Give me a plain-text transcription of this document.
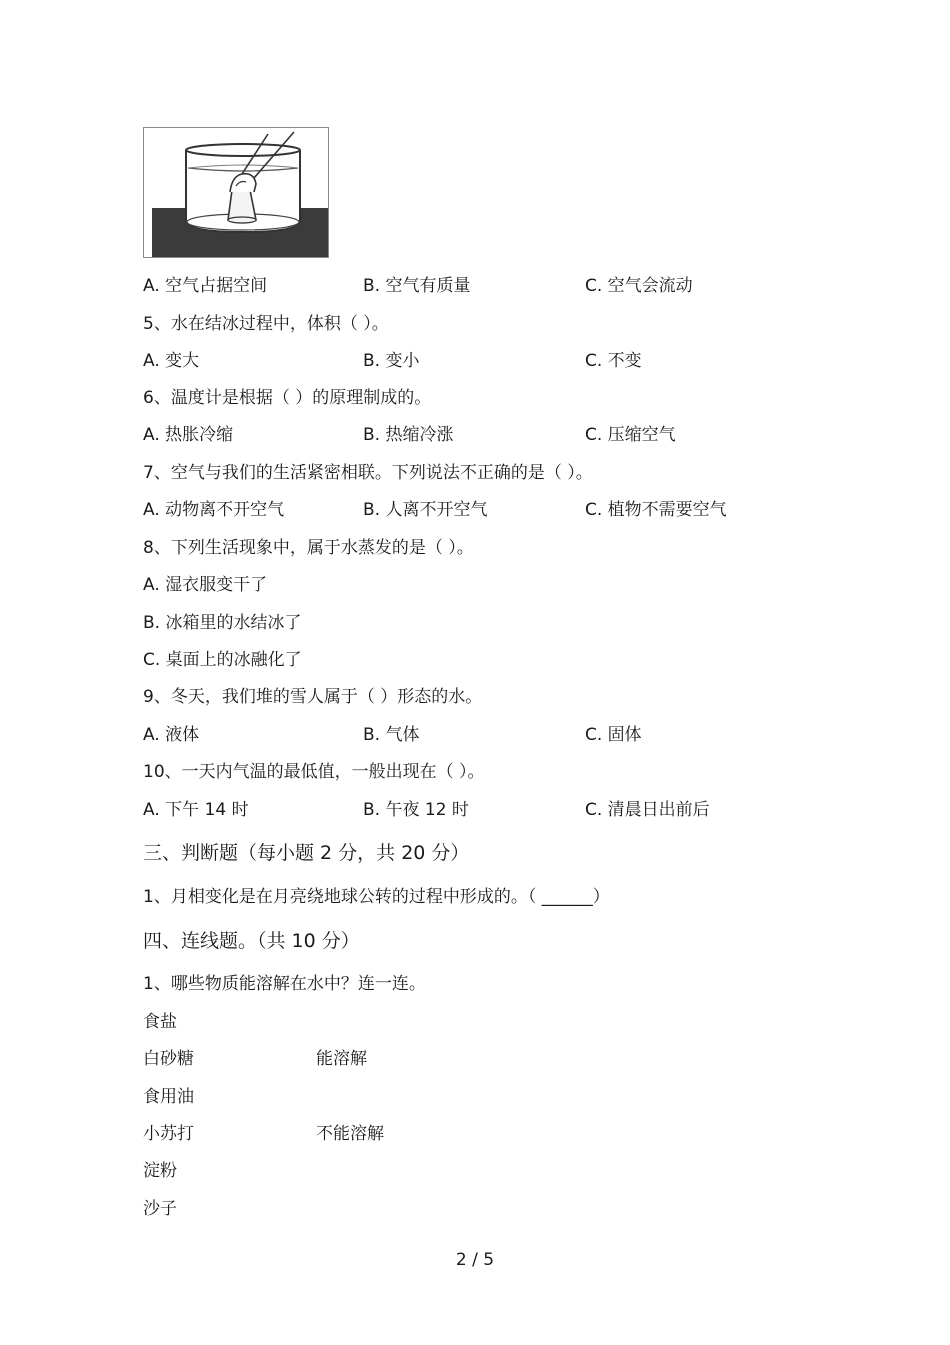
A. 空气占据空间	B. 空气有质量	C. 空气会流动
5、水在结冰过程中，体积（ ）。
A. 变大	B. 变小	C. 不变
6、温度计是根据（ ）的原理制成的。
A. 热胀冷缩	B. 热缩冷涨	C. 压缩空气
7、空气与我们的生活紧密相联。下列说法不正确的是（ ）。
A. 动物离不开空气	B. 人离不开空气	C. 植物不需要空气
8、下列生活现象中，属于水蒸发的是（ ）。
A. 湿衣服变干了
B. 冰箱里的水结冰了
C. 桌面上的冰融化了
9、冬天，我们堆的雪人属于（ ）形态的水。
A. 液体	B. 气体	C. 固体
10、一天内气温的最低值，一般出现在（ ）。
A. 下午 14 时	B. 午夜 12 时	C. 清晨日出前后
三、判断题（每小题 2 分，共 20 分）
1、月相变化是在月亮绕地球公转的过程中形成的。（ ______）
四、连线题。（共 10 分）
1、哪些物质能溶解在水中？连一连。
食盐
白砂糖
食用油
小苏打
淀粉
沙子
能溶解
不能溶解
2 / 5
